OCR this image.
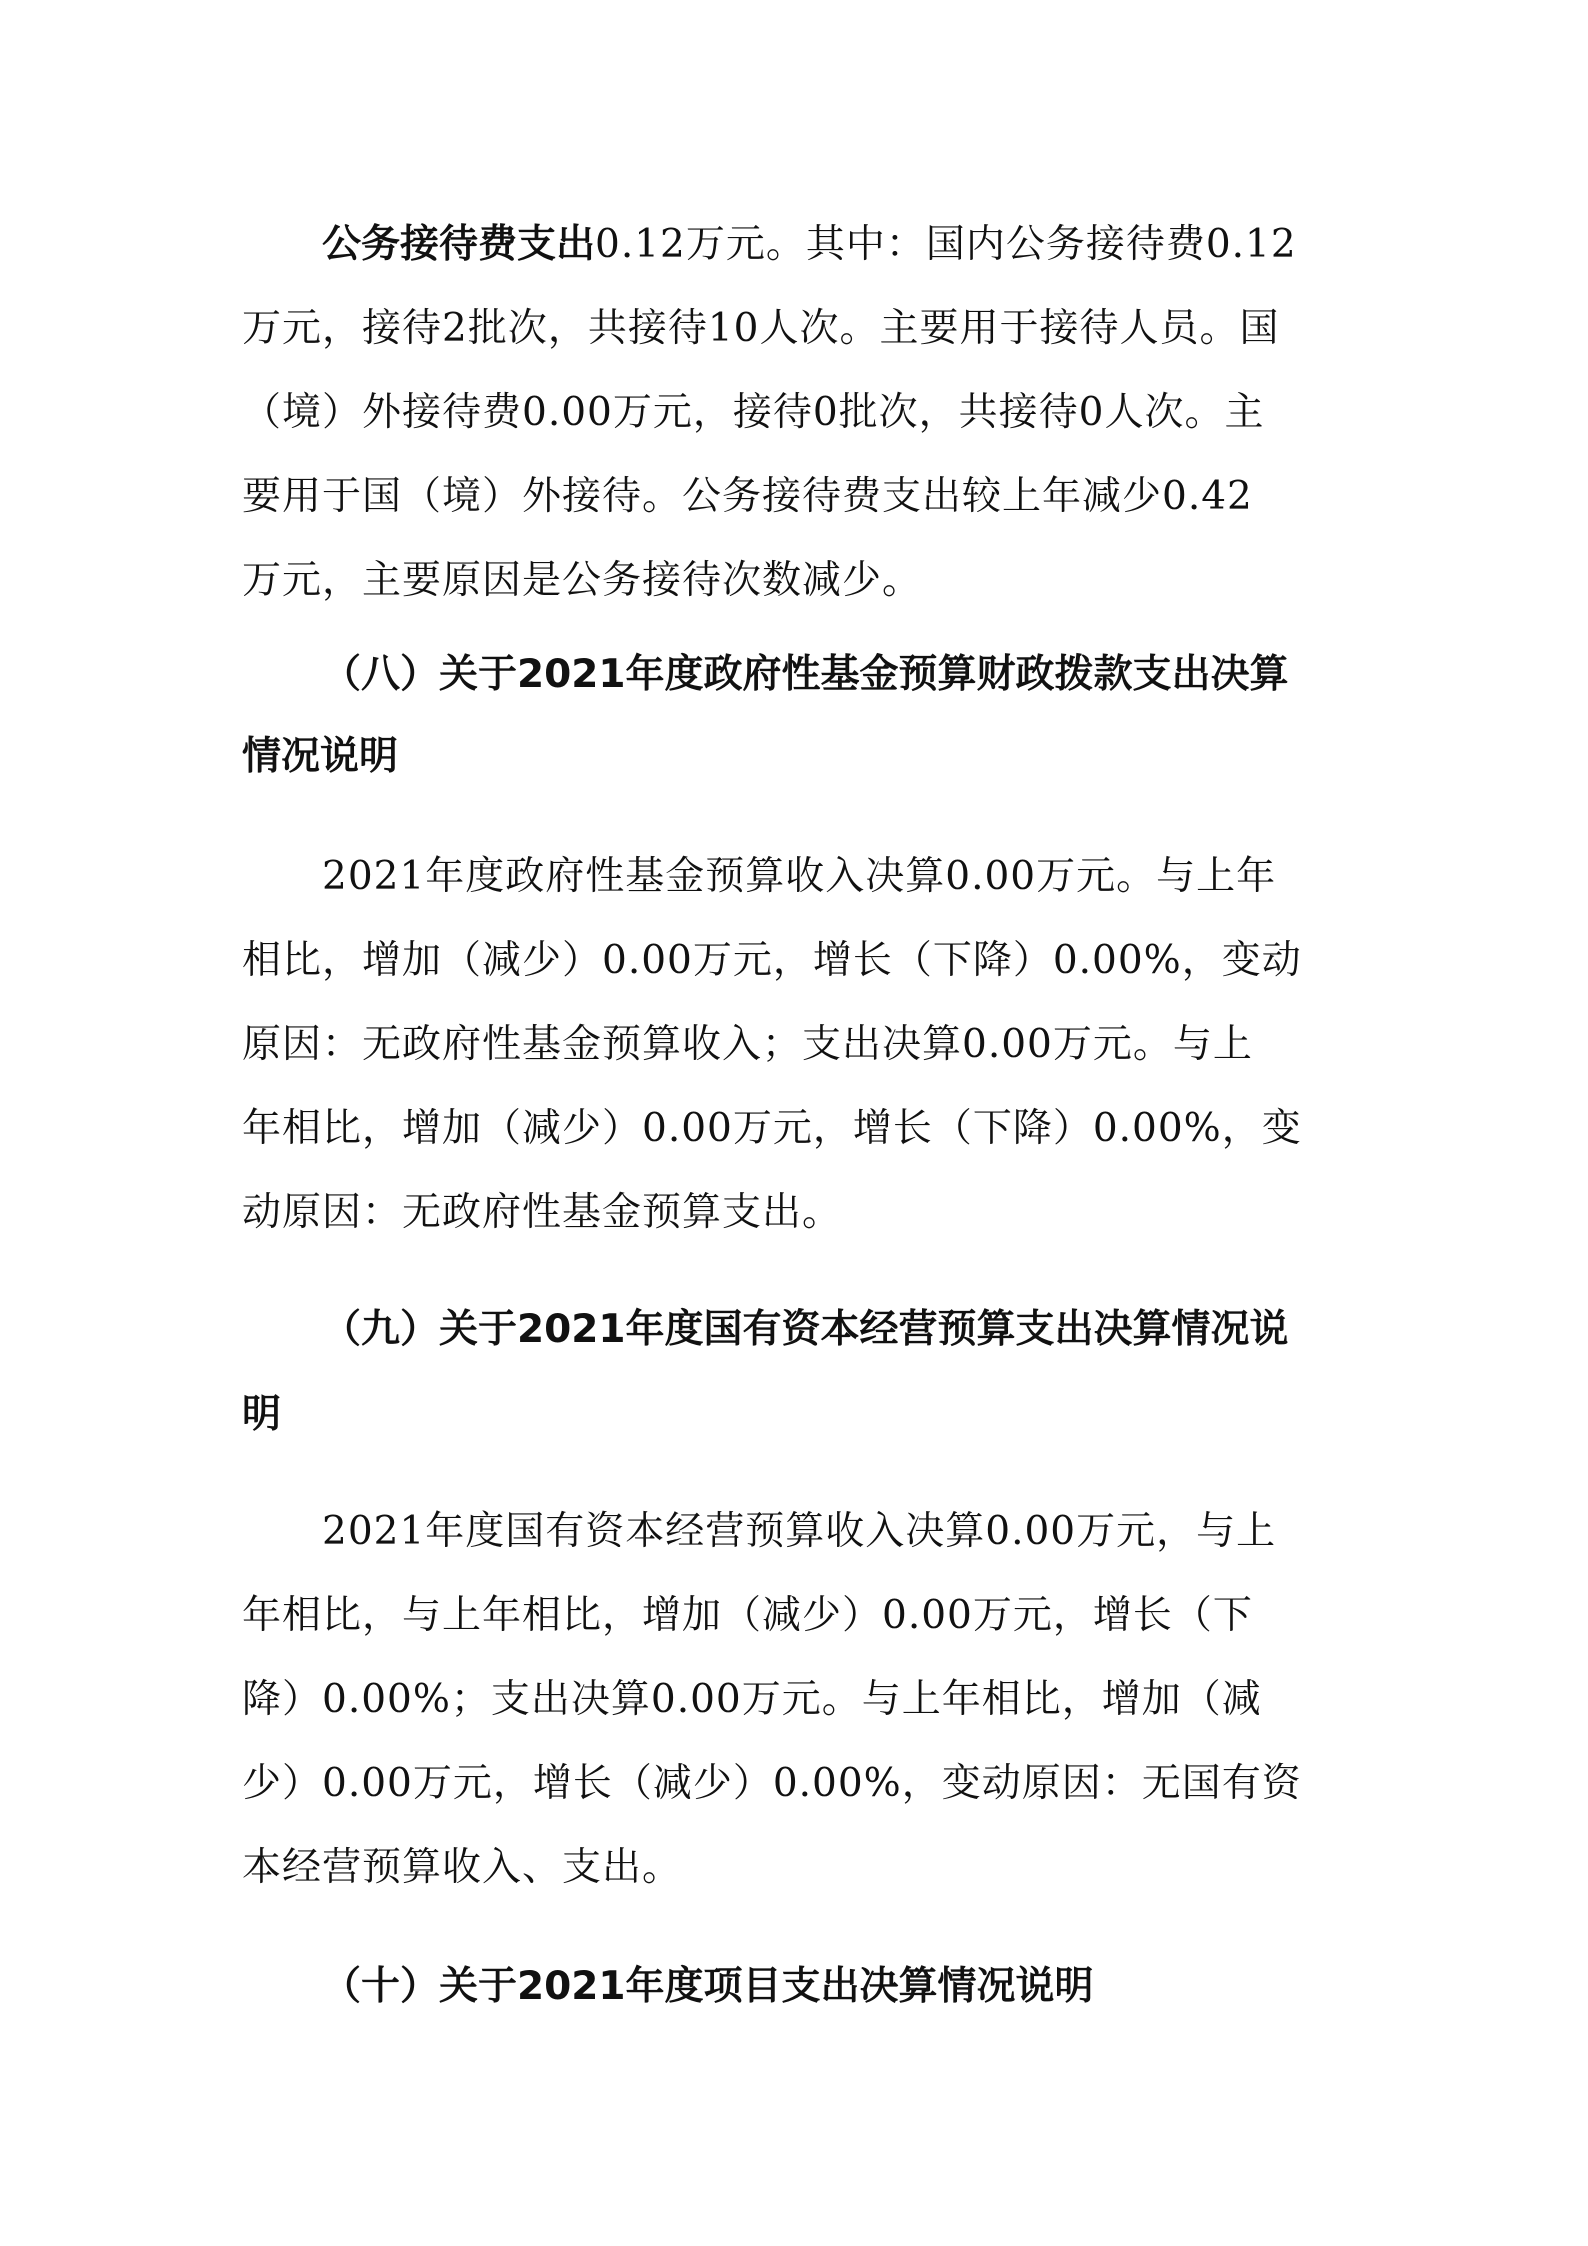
公务接待费支出0.12万元。其中：国内公务接待费0.12

万元，接待2批次，共接待10人次。主要用于接待人员。国

（境）外接待费0.00万元，接待0批次，共接待0人次。主

要用于国（境）外接待。公务接待费支出较上年减少0.42

万元，主要原因是公务接待次数减少。

（八）关于2021年度政府性基金预算财政拨款支出决算

情况说明

2021年度政府性基金预算收入决算0.00万元。与上年

相比，增加（减少）0.00万元，增长（下降）0.00%，变动

原因：无政府性基金预算收入；支出决算0.00万元。与上

年相比，增加（减少）0.00万元，增长（下降）0.00%，变

动原因：无政府性基金预算支出。

（九）关于2021年度国有资本经营预算支出决算情况说

明

2021年度国有资本经营预算收入决算0.00万元，与上

年相比，与上年相比，增加（减少）0.00万元，增长（下

降）0.00%；支出决算0.00万元。与上年相比，增加（减

少）0.00万元，增长（减少）0.00%，变动原因：无国有资

本经营预算收入、支出。

（十）关于2021年度项目支出决算情况说明
